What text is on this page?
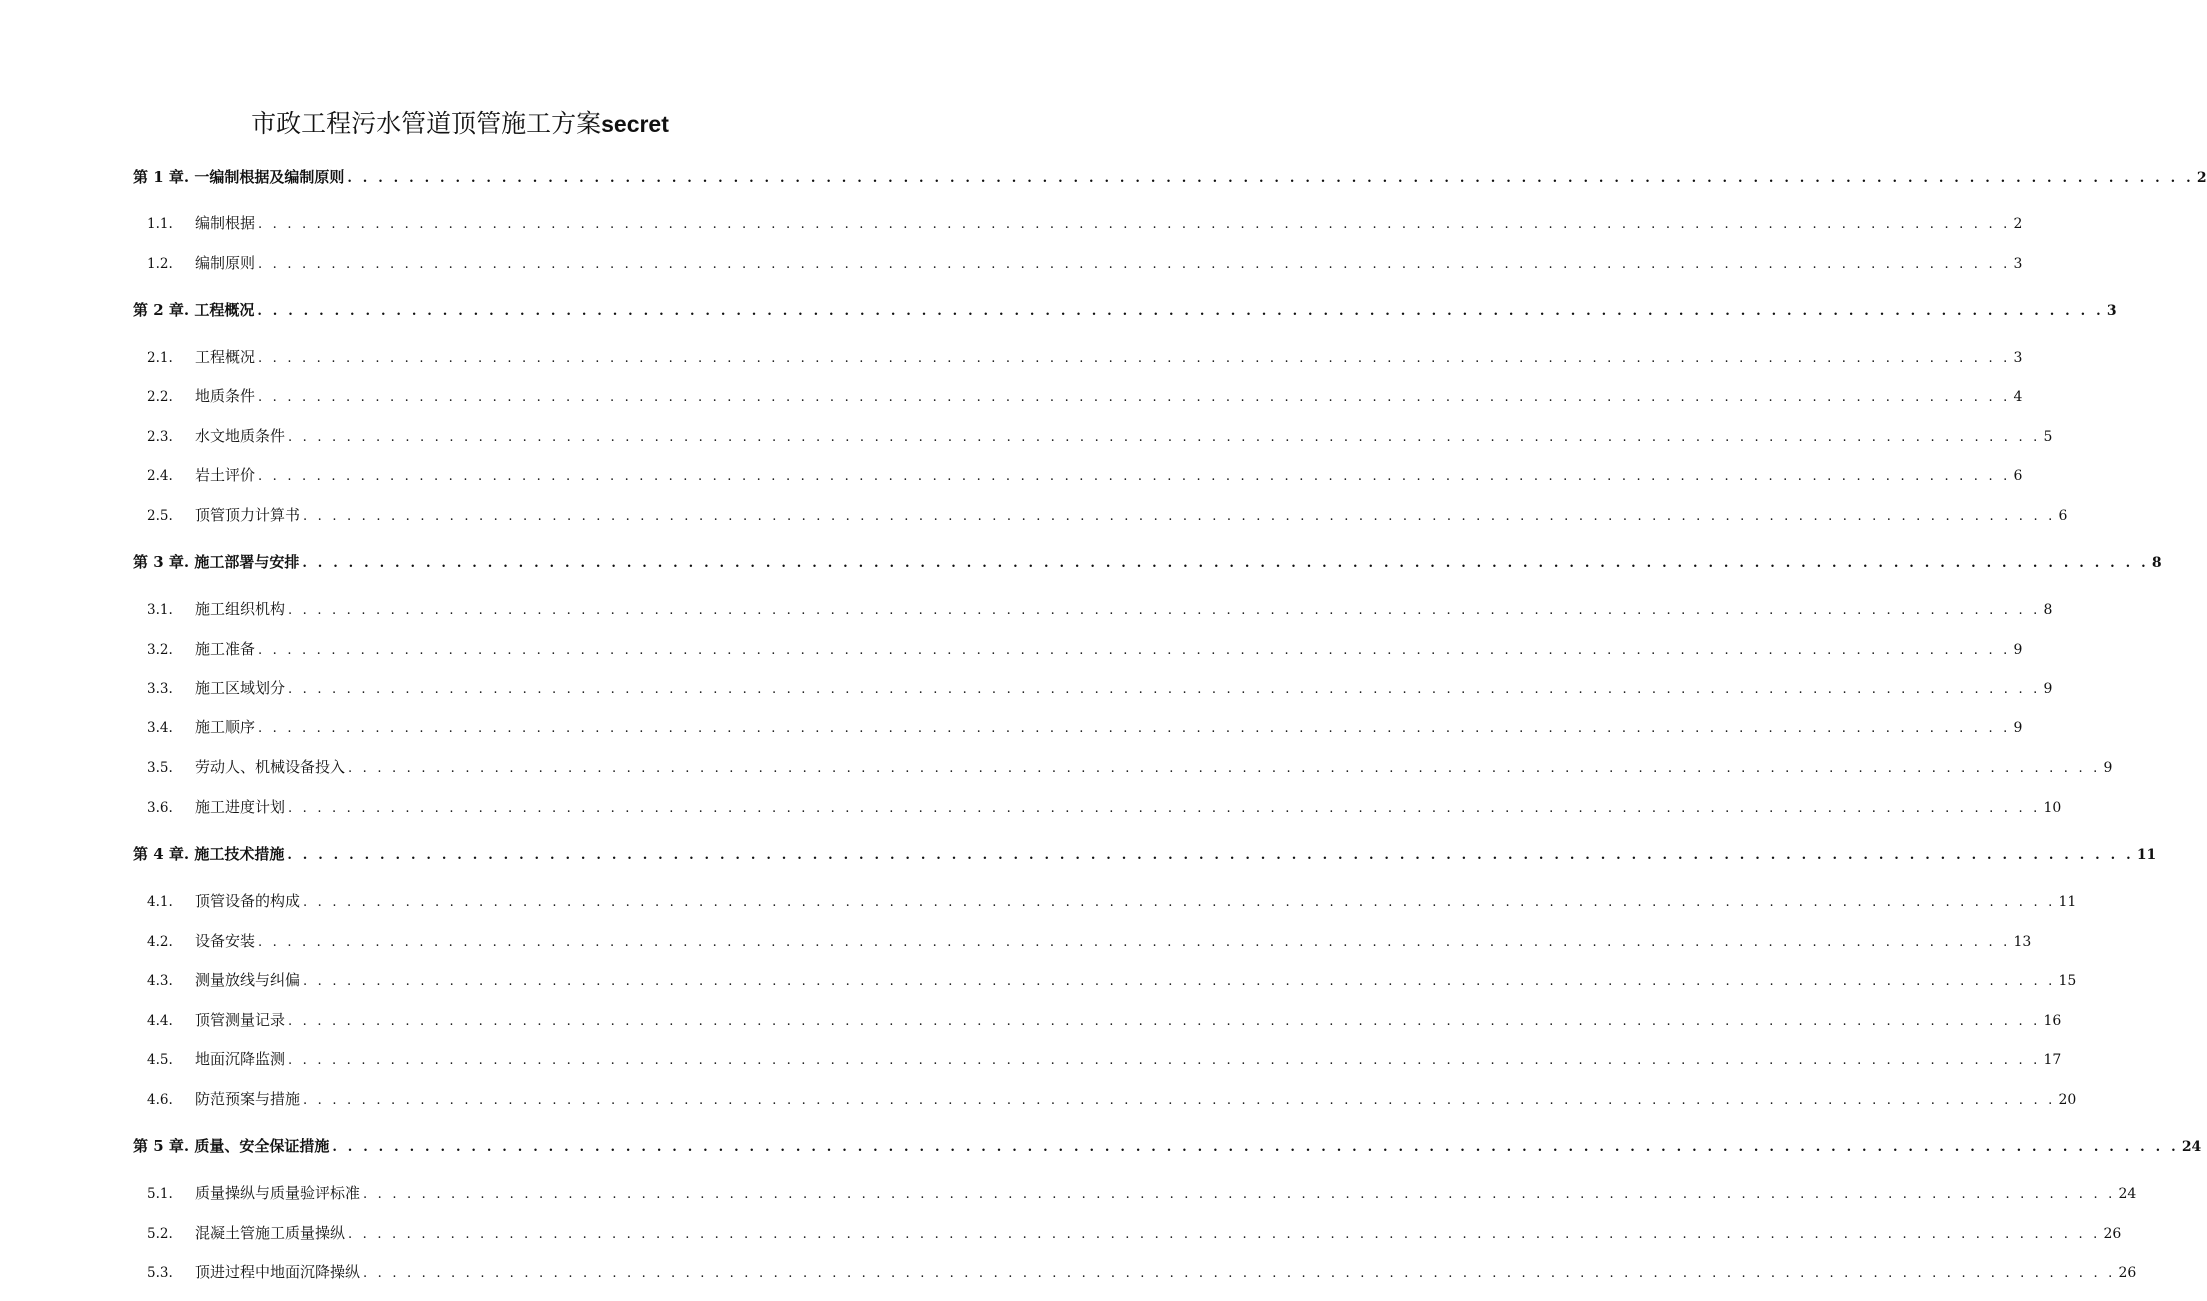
市政工程污水管道顶管施工方案secret
第 1 章. 一编制根据及编制原则 . . . . . . . . . . . . . . . . . . . . . . . . . . . . . . . . . . . . . . . . . . . . . . . . . . . . . . . . . . . . . . . . . . . . . . . . . . . . . . . . . . . . . . . . . . . . . . . . . . . . . . . . . . . . . . . . . . . . . . . . 2
1.1.	编制根据 . . . . . . . . . . . . . . . . . . . . . . . . . . . . . . . . . . . . . . . . . . . . . . . . . . . . . . . . . . . . . . . . . . . . . . . . . . . . . . . . . . . . . . . . . . . . . . . . . . . . . . . . . . . . . . . . . . . . . . . . 2
1.2.	编制原则 . . . . . . . . . . . . . . . . . . . . . . . . . . . . . . . . . . . . . . . . . . . . . . . . . . . . . . . . . . . . . . . . . . . . . . . . . . . . . . . . . . . . . . . . . . . . . . . . . . . . . . . . . . . . . . . . . . . . . . . . 3
第 2 章. 工程概况 . . . . . . . . . . . . . . . . . . . . . . . . . . . . . . . . . . . . . . . . . . . . . . . . . . . . . . . . . . . . . . . . . . . . . . . . . . . . . . . . . . . . . . . . . . . . . . . . . . . . . . . . . . . . . . . . . . . . . . . . 3
2.1.	工程概况 . . . . . . . . . . . . . . . . . . . . . . . . . . . . . . . . . . . . . . . . . . . . . . . . . . . . . . . . . . . . . . . . . . . . . . . . . . . . . . . . . . . . . . . . . . . . . . . . . . . . . . . . . . . . . . . . . . . . . . . . 3
2.2.	地质条件 . . . . . . . . . . . . . . . . . . . . . . . . . . . . . . . . . . . . . . . . . . . . . . . . . . . . . . . . . . . . . . . . . . . . . . . . . . . . . . . . . . . . . . . . . . . . . . . . . . . . . . . . . . . . . . . . . . . . . . . . 4
2.3.	水文地质条件 . . . . . . . . . . . . . . . . . . . . . . . . . . . . . . . . . . . . . . . . . . . . . . . . . . . . . . . . . . . . . . . . . . . . . . . . . . . . . . . . . . . . . . . . . . . . . . . . . . . . . . . . . . . . . . . . . . . . . . . . 5
2.4.	岩土评价 . . . . . . . . . . . . . . . . . . . . . . . . . . . . . . . . . . . . . . . . . . . . . . . . . . . . . . . . . . . . . . . . . . . . . . . . . . . . . . . . . . . . . . . . . . . . . . . . . . . . . . . . . . . . . . . . . . . . . . . . 6
2.5.	顶管顶力计算书 . . . . . . . . . . . . . . . . . . . . . . . . . . . . . . . . . . . . . . . . . . . . . . . . . . . . . . . . . . . . . . . . . . . . . . . . . . . . . . . . . . . . . . . . . . . . . . . . . . . . . . . . . . . . . . . . . . . . . . . . 6
第 3 章. 施工部署与安排 . . . . . . . . . . . . . . . . . . . . . . . . . . . . . . . . . . . . . . . . . . . . . . . . . . . . . . . . . . . . . . . . . . . . . . . . . . . . . . . . . . . . . . . . . . . . . . . . . . . . . . . . . . . . . . . . . . . . . . . . 8
3.1.	施工组织机构 . . . . . . . . . . . . . . . . . . . . . . . . . . . . . . . . . . . . . . . . . . . . . . . . . . . . . . . . . . . . . . . . . . . . . . . . . . . . . . . . . . . . . . . . . . . . . . . . . . . . . . . . . . . . . . . . . . . . . . . . 8
3.2.	施工准备 . . . . . . . . . . . . . . . . . . . . . . . . . . . . . . . . . . . . . . . . . . . . . . . . . . . . . . . . . . . . . . . . . . . . . . . . . . . . . . . . . . . . . . . . . . . . . . . . . . . . . . . . . . . . . . . . . . . . . . . . 9
3.3.	施工区域划分 . . . . . . . . . . . . . . . . . . . . . . . . . . . . . . . . . . . . . . . . . . . . . . . . . . . . . . . . . . . . . . . . . . . . . . . . . . . . . . . . . . . . . . . . . . . . . . . . . . . . . . . . . . . . . . . . . . . . . . . . 9
3.4.	施工顺序 . . . . . . . . . . . . . . . . . . . . . . . . . . . . . . . . . . . . . . . . . . . . . . . . . . . . . . . . . . . . . . . . . . . . . . . . . . . . . . . . . . . . . . . . . . . . . . . . . . . . . . . . . . . . . . . . . . . . . . . . 9
3.5.	劳动人、机械设备投入 . . . . . . . . . . . . . . . . . . . . . . . . . . . . . . . . . . . . . . . . . . . . . . . . . . . . . . . . . . . . . . . . . . . . . . . . . . . . . . . . . . . . . . . . . . . . . . . . . . . . . . . . . . . . . . . . . . . . . . . . 9
3.6.	施工进度计划 . . . . . . . . . . . . . . . . . . . . . . . . . . . . . . . . . . . . . . . . . . . . . . . . . . . . . . . . . . . . . . . . . . . . . . . . . . . . . . . . . . . . . . . . . . . . . . . . . . . . . . . . . . . . . . . . . . . . . . . . 10
第 4 章. 施工技术措施 . . . . . . . . . . . . . . . . . . . . . . . . . . . . . . . . . . . . . . . . . . . . . . . . . . . . . . . . . . . . . . . . . . . . . . . . . . . . . . . . . . . . . . . . . . . . . . . . . . . . . . . . . . . . . . . . . . . . . . . . 11
4.1.	顶管设备的构成 . . . . . . . . . . . . . . . . . . . . . . . . . . . . . . . . . . . . . . . . . . . . . . . . . . . . . . . . . . . . . . . . . . . . . . . . . . . . . . . . . . . . . . . . . . . . . . . . . . . . . . . . . . . . . . . . . . . . . . . . 11
4.2.	设备安装 . . . . . . . . . . . . . . . . . . . . . . . . . . . . . . . . . . . . . . . . . . . . . . . . . . . . . . . . . . . . . . . . . . . . . . . . . . . . . . . . . . . . . . . . . . . . . . . . . . . . . . . . . . . . . . . . . . . . . . . . 13
4.3.	测量放线与纠偏 . . . . . . . . . . . . . . . . . . . . . . . . . . . . . . . . . . . . . . . . . . . . . . . . . . . . . . . . . . . . . . . . . . . . . . . . . . . . . . . . . . . . . . . . . . . . . . . . . . . . . . . . . . . . . . . . . . . . . . . . 15
4.4.	顶管测量记录 . . . . . . . . . . . . . . . . . . . . . . . . . . . . . . . . . . . . . . . . . . . . . . . . . . . . . . . . . . . . . . . . . . . . . . . . . . . . . . . . . . . . . . . . . . . . . . . . . . . . . . . . . . . . . . . . . . . . . . . . 16
4.5.	地面沉降监测 . . . . . . . . . . . . . . . . . . . . . . . . . . . . . . . . . . . . . . . . . . . . . . . . . . . . . . . . . . . . . . . . . . . . . . . . . . . . . . . . . . . . . . . . . . . . . . . . . . . . . . . . . . . . . . . . . . . . . . . . 17
4.6.	防范预案与措施 . . . . . . . . . . . . . . . . . . . . . . . . . . . . . . . . . . . . . . . . . . . . . . . . . . . . . . . . . . . . . . . . . . . . . . . . . . . . . . . . . . . . . . . . . . . . . . . . . . . . . . . . . . . . . . . . . . . . . . . . 20
第 5 章. 质量、安全保证措施 . . . . . . . . . . . . . . . . . . . . . . . . . . . . . . . . . . . . . . . . . . . . . . . . . . . . . . . . . . . . . . . . . . . . . . . . . . . . . . . . . . . . . . . . . . . . . . . . . . . . . . . . . . . . . . . . . . . . . . . . 24
5.1.	质量操纵与质量验评标准 . . . . . . . . . . . . . . . . . . . . . . . . . . . . . . . . . . . . . . . . . . . . . . . . . . . . . . . . . . . . . . . . . . . . . . . . . . . . . . . . . . . . . . . . . . . . . . . . . . . . . . . . . . . . . . . . . . . . . . . . 24
5.2.	混凝土管施工质量操纵 . . . . . . . . . . . . . . . . . . . . . . . . . . . . . . . . . . . . . . . . . . . . . . . . . . . . . . . . . . . . . . . . . . . . . . . . . . . . . . . . . . . . . . . . . . . . . . . . . . . . . . . . . . . . . . . . . . . . . . . . 26
5.3.	顶进过程中地面沉降操纵 . . . . . . . . . . . . . . . . . . . . . . . . . . . . . . . . . . . . . . . . . . . . . . . . . . . . . . . . . . . . . . . . . . . . . . . . . . . . . . . . . . . . . . . . . . . . . . . . . . . . . . . . . . . . . . . . . . . . . . . . 26
